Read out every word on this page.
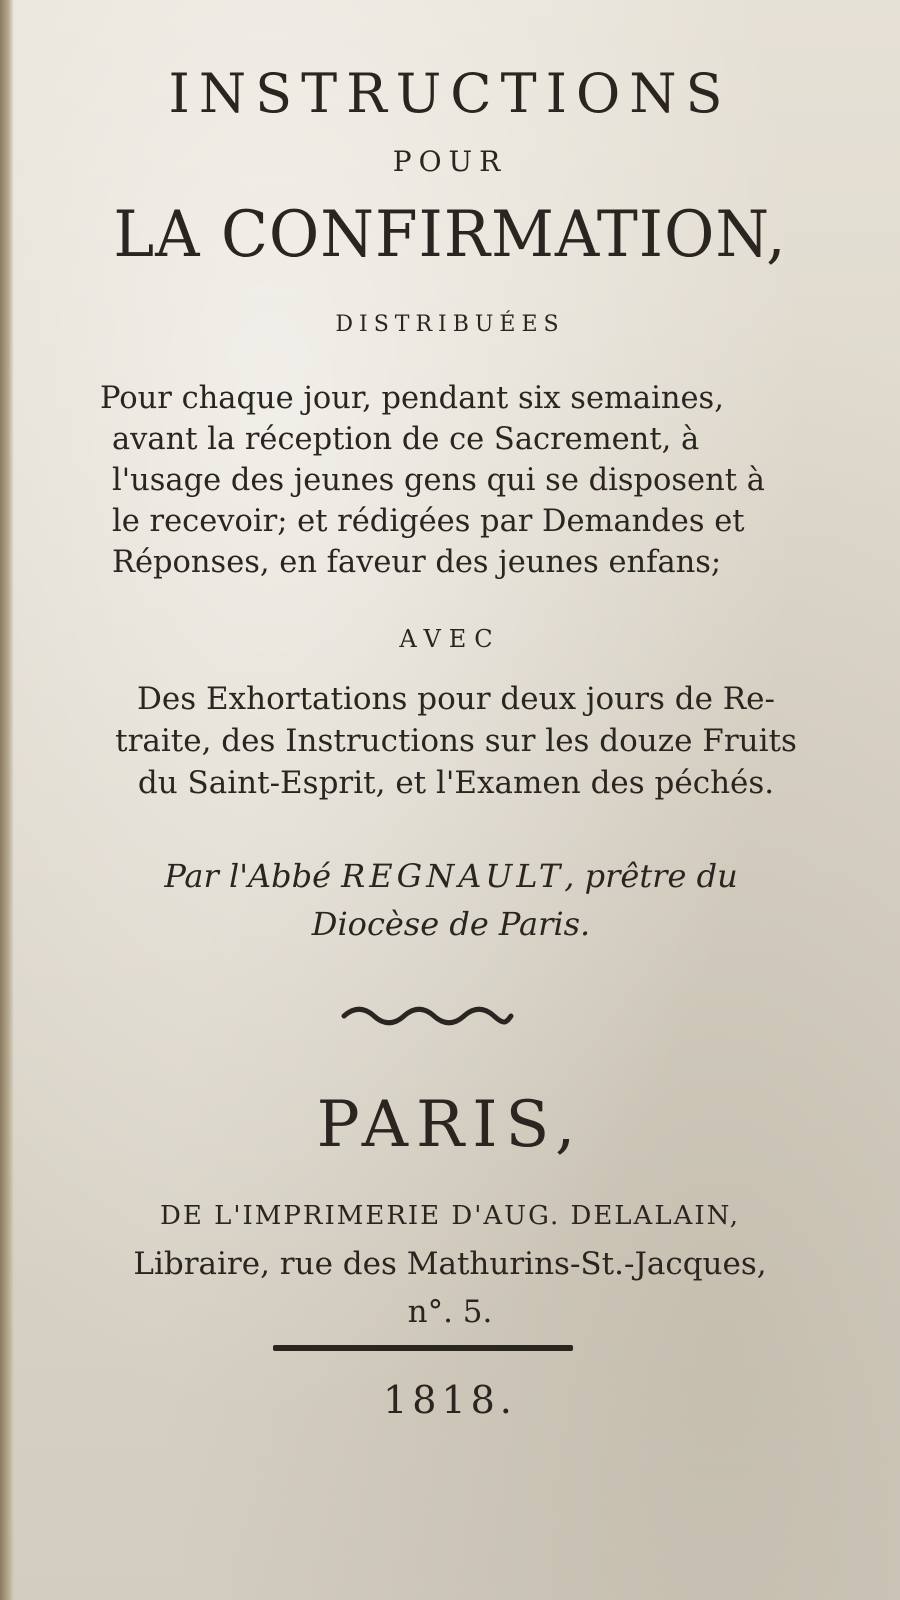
INSTRUCTIONS
POUR
LA CONFIRMATION,
DISTRIBUÉES
Pour chaque jour, pendant six semaines,
avant la réception de ce Sacrement, à
l'usage des jeunes gens qui se disposent à
le recevoir; et rédigées par Demandes et
Réponses, en faveur des jeunes enfans;
AVEC
Des Exhortations pour deux jours de Re-
traite, des Instructions sur les douze Fruits
du Saint-Esprit, et l'Examen des péchés.
Par l'Abbé REGNAULT, prêtre du
Diocèse de Paris.
PARIS,
DE L'IMPRIMERIE D'AUG. DELALAIN,
Libraire, rue des Mathurins-St.-Jacques,
n°. 5.
1818.
